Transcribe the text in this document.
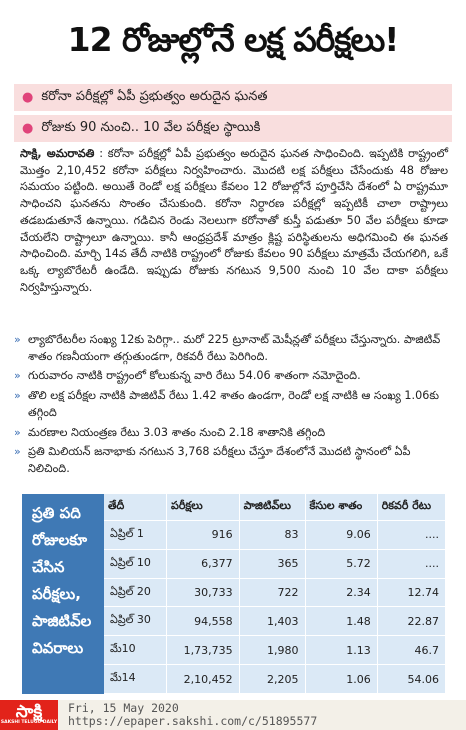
12 రోజుల్లోనే లక్ష పరీక్షలు!
● కరోనా పరీక్షల్లో ఏపీ ప్రభుత్వం అరుదైన ఘనత
● రోజుకు 90 నుంచి.. 10 వేల పరీక్షల స్థాయికి
సాక్షి, అమరావతి : కరోనా పరీక్షల్లో ఏపీ ప్రభుత్వం అరుదైన ఘనత సాధించింది. ఇప్పటికి రాష్ట్రంలో మొత్తం 2,10,452 కరోనా పరీక్షలు నిర్వహించారు. మొదటి లక్ష పరీక్షలు చేసేందుకు 48 రోజుల సమయం పట్టింది. అయితే రెండో లక్ష పరీక్షలు కేవలం 12 రోజుల్లోనే పూర్తిచేసి దేశంలో ఏ రాష్ట్రమూ సాధించని ఘనతను సొంతం చేసుకుంది. కరోనా నిర్ధారణ పరీక్షల్లో ఇప్పటికీ చాలా రాష్ట్రాలు తడబడుతూనే ఉన్నాయి. గడిచిన రెండు నెలలుగా కరోనాతో కుస్తీ పడుతూ 50 వేల పరీక్షలు కూడా చేయలేని రాష్ట్రాలూ ఉన్నాయి. కానీ ఆంధ్రప్రదేశ్ మాత్రం క్లిష్ట పరిస్థితులను అధిగమించి ఈ ఘనత సాధించింది. మార్చి 14వ తేదీ నాటికి రాష్ట్రంలో రోజుకు కేవలం 90 పరీక్షలు మాత్రమే చేయగలిగి, ఒకే ఒక్క ల్యాబొరేటరీ ఉండేది. ఇప్పుడు రోజుకు నగటున 9,500 నుంచి 10 వేల దాకా పరీక్షలు నిర్వహిస్తున్నారు.
» ల్యాబొరేటరీల సంఖ్య 12కు పెరిగ్గా.. మరో 225 ట్రూనాట్ మెషీన్లతో పరీక్షలు చేస్తున్నారు. పాజిటివ్ శాతం గణనీయంగా తగ్గుతుండగా, రికవరీ రేటు పెరిగింది.
» గురువారం నాటికి రాష్ట్రంలో కోలుకున్న వారి రేటు 54.06 శాతంగా నమోదైంది.
» తొలి లక్ష పరీక్షల నాటికి పాజిటివ్ రేటు 1.42 శాతం ఉండగా, రెండో లక్ష నాటికి ఆ సంఖ్య 1.06కు తగ్గింది
» మరణాల నియంత్రణ రేటు 3.03 శాతం నుంచి 2.18 శాతానికి తగ్గింది
» ప్రతి మిలియన్ జనాభాకు నగటున 3,768 పరీక్షలు చేస్తూ దేశంలోనే మొదటి స్థానంలో ఏపీ నిలిచింది.
ప్రతి పది రోజులకూ చేసిన పరీక్షలు, పాజిటివ్‌ల వివరాలు
తేదీ	పరీక్షలు	పాజిటివ్‌లు	కేసుల శాతం	రికవరీ రేటు
ఏప్రిల్ 1	916	83	9.06	....
ఏప్రిల్ 10	6,377	365	5.72	....
ఏప్రిల్ 20	30,733	722	2.34	12.74
ఏప్రిల్ 30	94,558	1,403	1.48	22.87
మే10	1,73,735	1,980	1.13	46.7
మే14	2,10,452	2,205	1.06	54.06
సాక్షి
SAKSHI TELUGU DAILY
Fri, 15 May 2020
https://epaper.sakshi.com/c/51895577
